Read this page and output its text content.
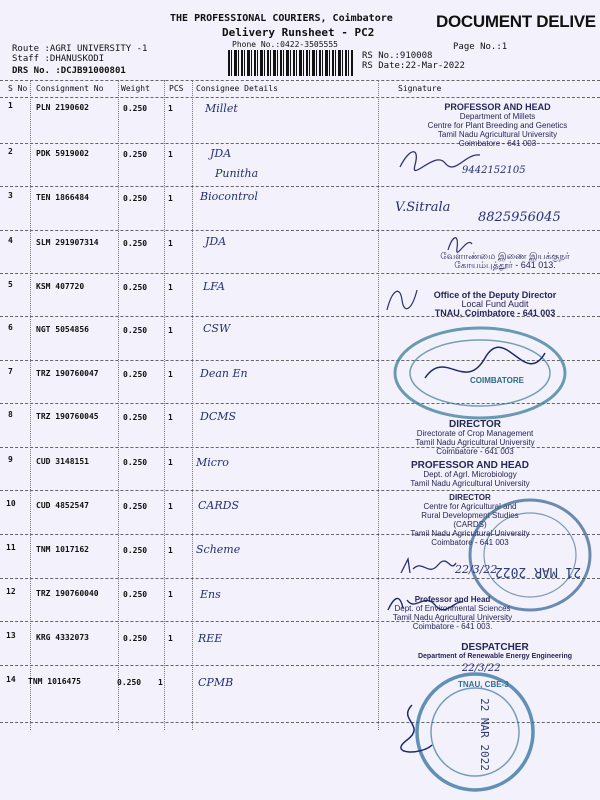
THE PROFESSIONAL COURIERS, Coimbatore	DOCUMENT DELIVE
Delivery Runsheet - PC2
Phone No.:0422-3505555
Route :AGRI UNIVERSITY -1
Staff :DHANUSKODI
DRS No. :DCJB91000801
RS No.:910008
RS Date:22-Mar-2022
Page No.:1
S No Consignment No Weight PCS Consignee Details	Signature
1	PLN 2190602	0.250	1	Millet
2	PDK 5919002	0.250	1	JDA
Punitha
3	TEN 1866484	0.250	1 Biocontrol
4	SLM 291907314	0.250	1	JDA
5	KSM 407720	0.250	1	LFA
6	NGT 5054856	0.250	1	CSW
7	TRZ 190760047	0.250	1 Dean En
8	TRZ 190760045	0.250	1 DCMS
9	CUD 3148151	0.250	1 Micro
10	CUD 4852547	0.250	1 CARDS
11	TNM 1017162	0.250	1 Scheme
12	TRZ 190760040	0.250	1 Ens
13	KRG 4332073	0.250	1 REE
14 TNM 1016475	0.250 1	CPMB
PROFESSOR AND HEAD
Department of Millets
Centre for Plant Breeding and Genetics
Tamil Nadu Agricultural University
Coimbatore - 641 003
9442152105
V.Sitrala
8825956045
வேளாண்மை இணை இயக்குநர்
கோயம்புத்தூர் - 641 013.
Office of the Deputy Director
Local Fund Audit
TNAU, Coimbatore - 641 003
COIMBATORE
DIRECTOR
Directorate of Crop Management
Tamil Nadu Agricultural University
Coimbatore - 641 003
PROFESSOR AND HEAD
Dept. of Agrl. Microbiology
Tamil Nadu Agricultural University
DIRECTOR
Centre for Agricultural and
Rural Development Studies
(CARDS)
Tamil Nadu Agricultural University
Coimbatore - 641 003
21 MAR 2022
22/3/22
Professor and Head
Dept. of Environmental Sciences
Tamil Nadu Agricultural University
Coimbatore - 641 003.
DESPATCHER
Department of Renewable Energy Engineering
22/3/22
22 MAR 2022
TNAU, CBE-3
